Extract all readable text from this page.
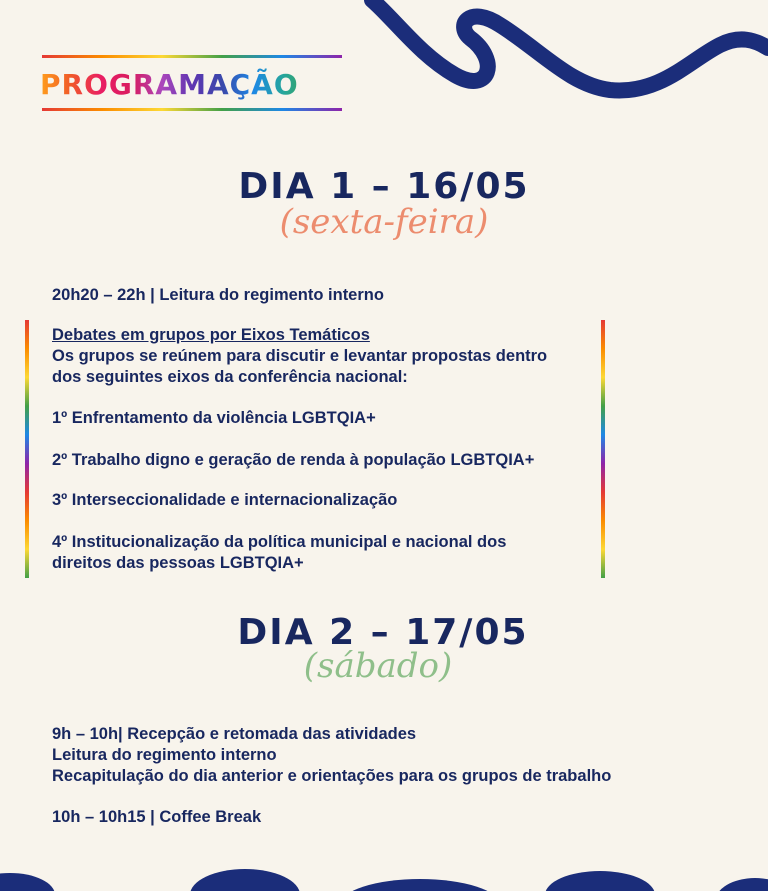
PROGRAMAÇÃO
DIA 1 – 16/05

(sexta-feira)

20h20 – 22h | Leitura do regimento interno

Debates em grupos por Eixos Temáticos

Os grupos se reúnem para discutir e levantar propostas dentro

dos seguintes eixos da conferência nacional:

1º Enfrentamento da violência LGBTQIA+

2º Trabalho digno e geração de renda à população LGBTQIA+

3º Interseccionalidade e internacionalização

4º Institucionalização da política municipal e nacional dos

direitos das pessoas LGBTQIA+

DIA 2 – 17/05

(sábado)

9h – 10h| Recepção e retomada das atividades

Leitura do regimento interno

Recapitulação do dia anterior e orientações para os grupos de trabalho

10h – 10h15 | Coffee Break
